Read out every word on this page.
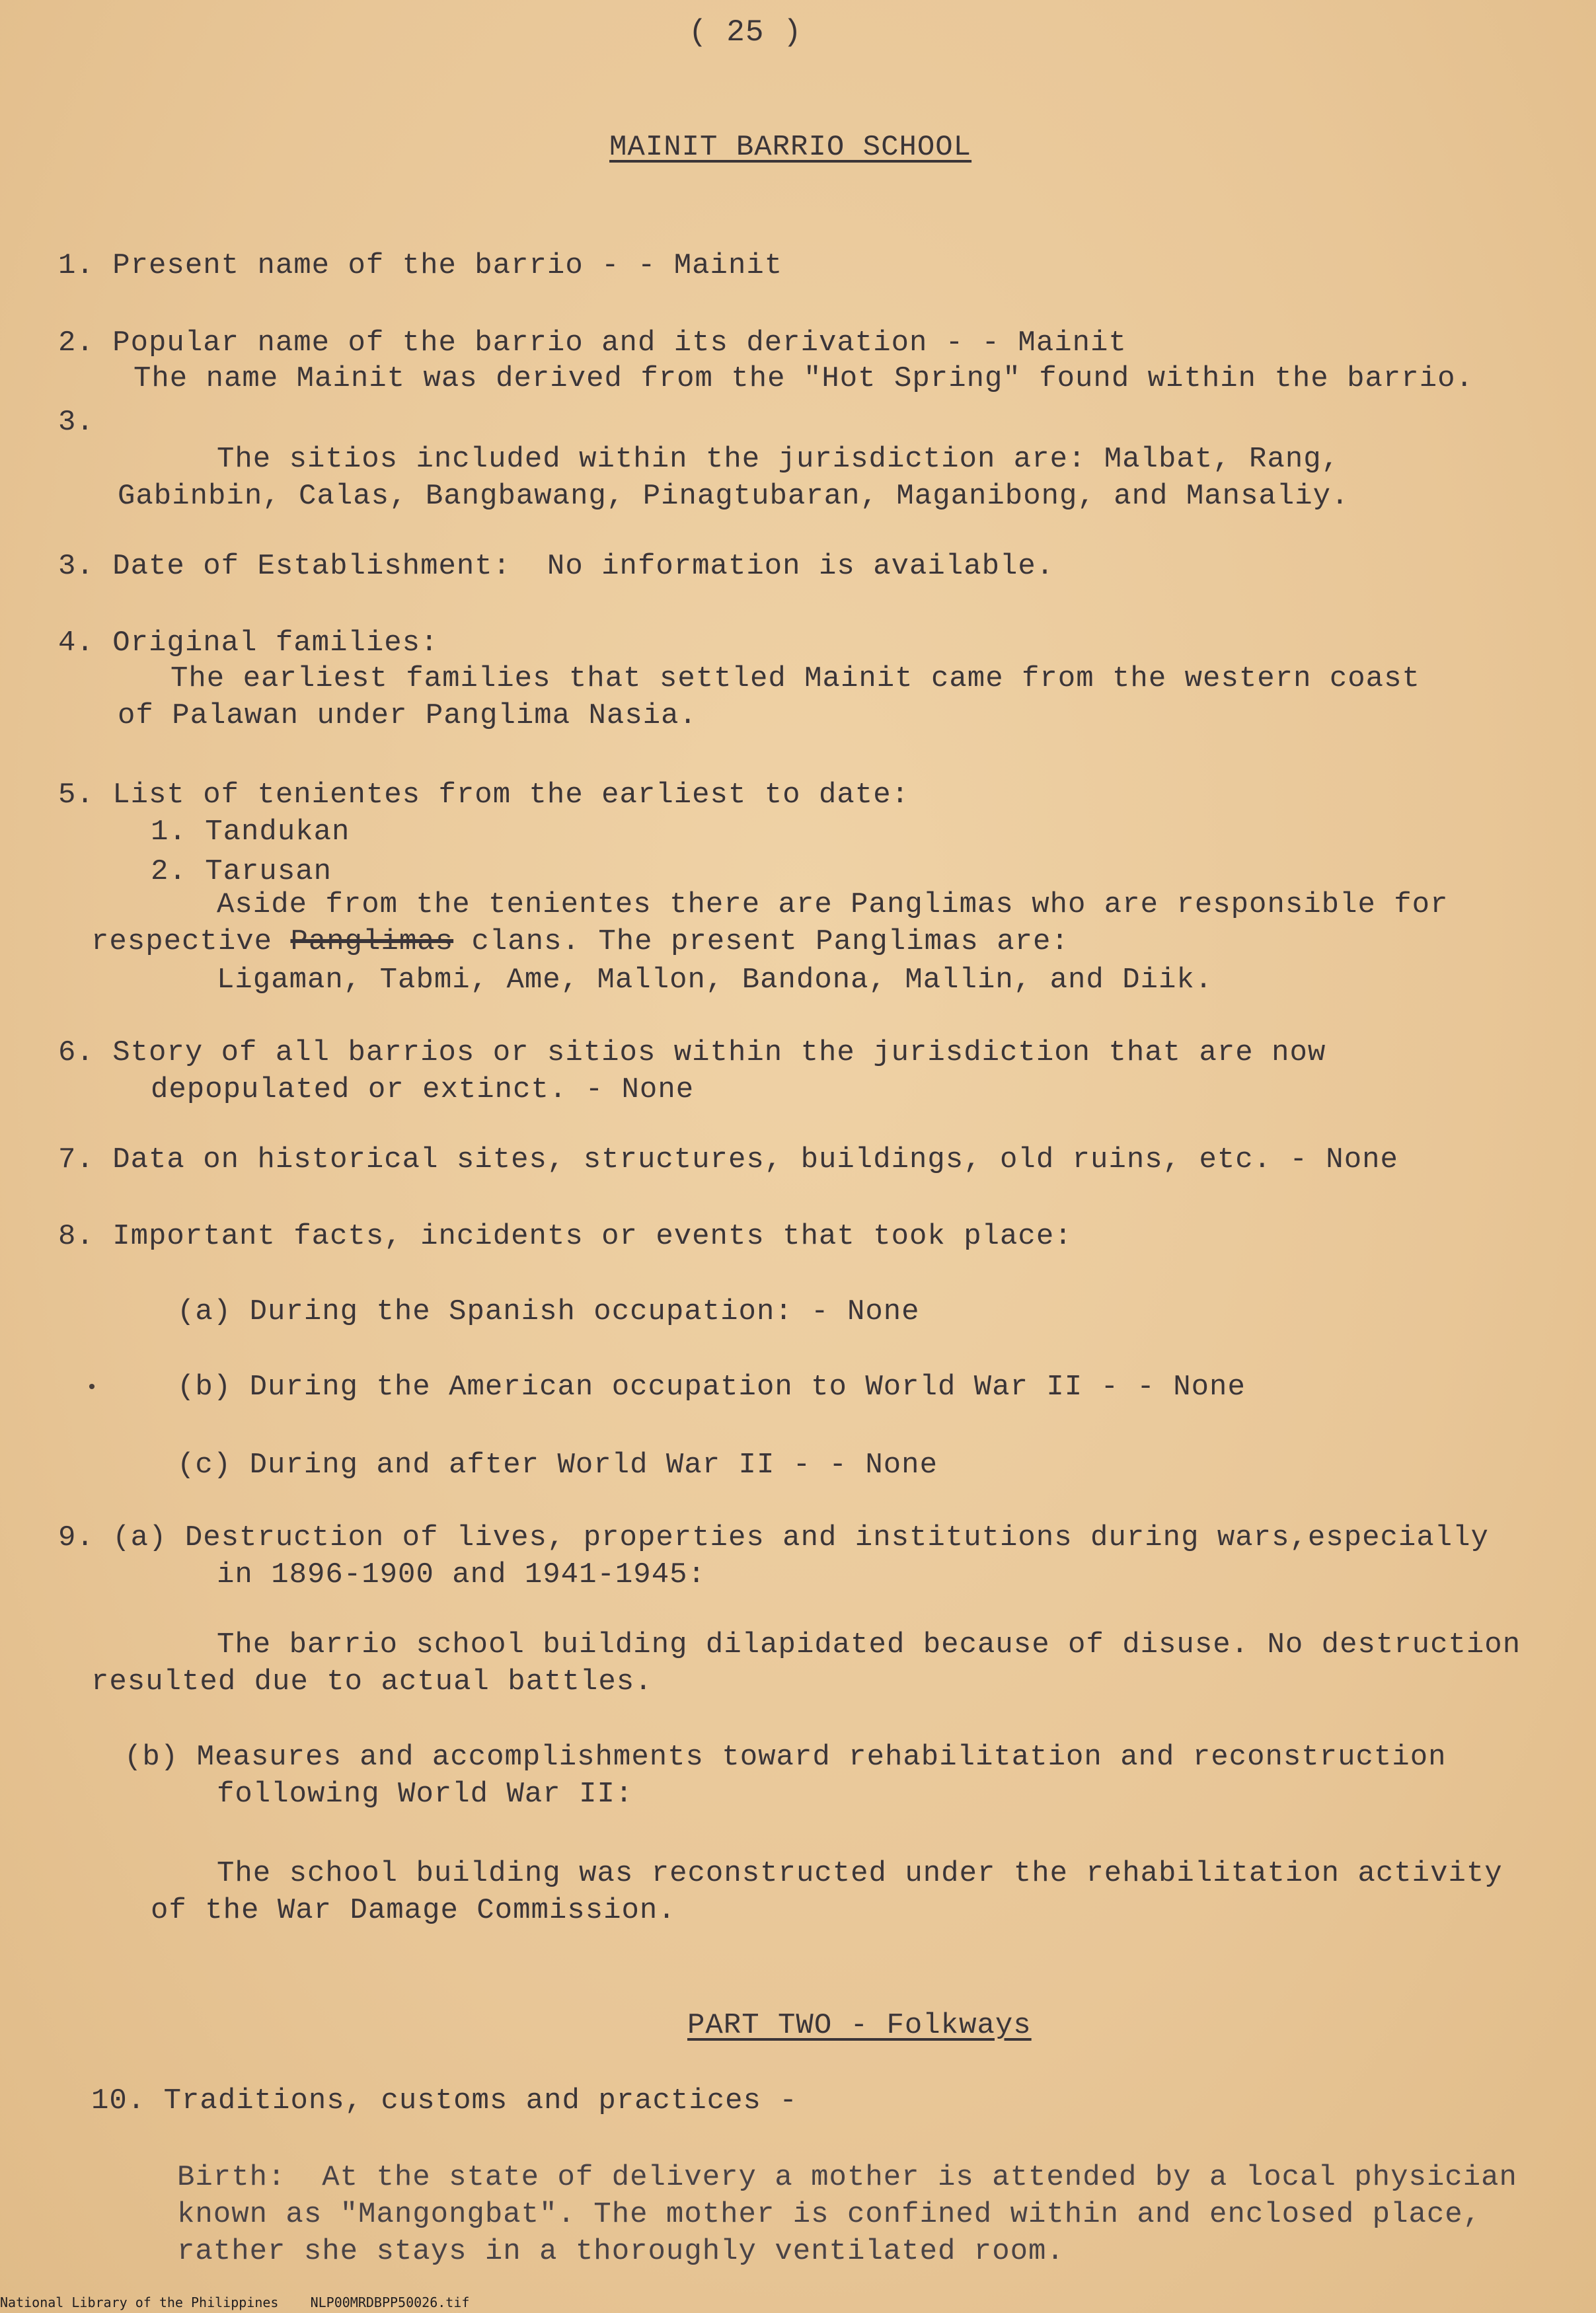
( 25 )
MAINIT BARRIO SCHOOL
1. Present name of the barrio - - Mainit
2. Popular name of the barrio and its derivation - - Mainit
The name Mainit was derived from the "Hot Spring" found within the barrio.
3.
The sitios included within the jurisdiction are: Malbat, Rang,
Gabinbin, Calas, Bangbawang, Pinagtubaran, Maganibong, and Mansaliy.
3. Date of Establishment:  No information is available.
4. Original families:
The earliest families that settled Mainit came from the western coast
of Palawan under Panglima Nasia.
5. List of tenientes from the earliest to date:
1. Tandukan
2. Tarusan
Aside from the tenientes there are Panglimas who are responsible for
respective Panglimas clans. The present Panglimas are:
Ligaman, Tabmi, Ame, Mallon, Bandona, Mallin, and Diik.
6. Story of all barrios or sitios within the jurisdiction that are now
depopulated or extinct. - None
7. Data on historical sites, structures, buildings, old ruins, etc. - None
8. Important facts, incidents or events that took place:
(a) During the Spanish occupation: - None
•	(b) During the American occupation to World War II - - None
(c) During and after World War II - - None
9. (a) Destruction of lives, properties and institutions during wars,especially
in 1896-1900 and 1941-1945:
The barrio school building dilapidated because of disuse. No destruction
resulted due to actual battles.
(b) Measures and accomplishments toward rehabilitation and reconstruction
following World War II:
The school building was reconstructed under the rehabilitation activity
of the War Damage Commission.
PART TWO - Folkways
10. Traditions, customs and practices -
Birth:  At the state of delivery a mother is attended by a local physician
known as "Mangongbat". The mother is confined within and enclosed place,
rather she stays in a thoroughly ventilated room.
National Library of the Philippines    NLP00MRDBPP50026.tif
